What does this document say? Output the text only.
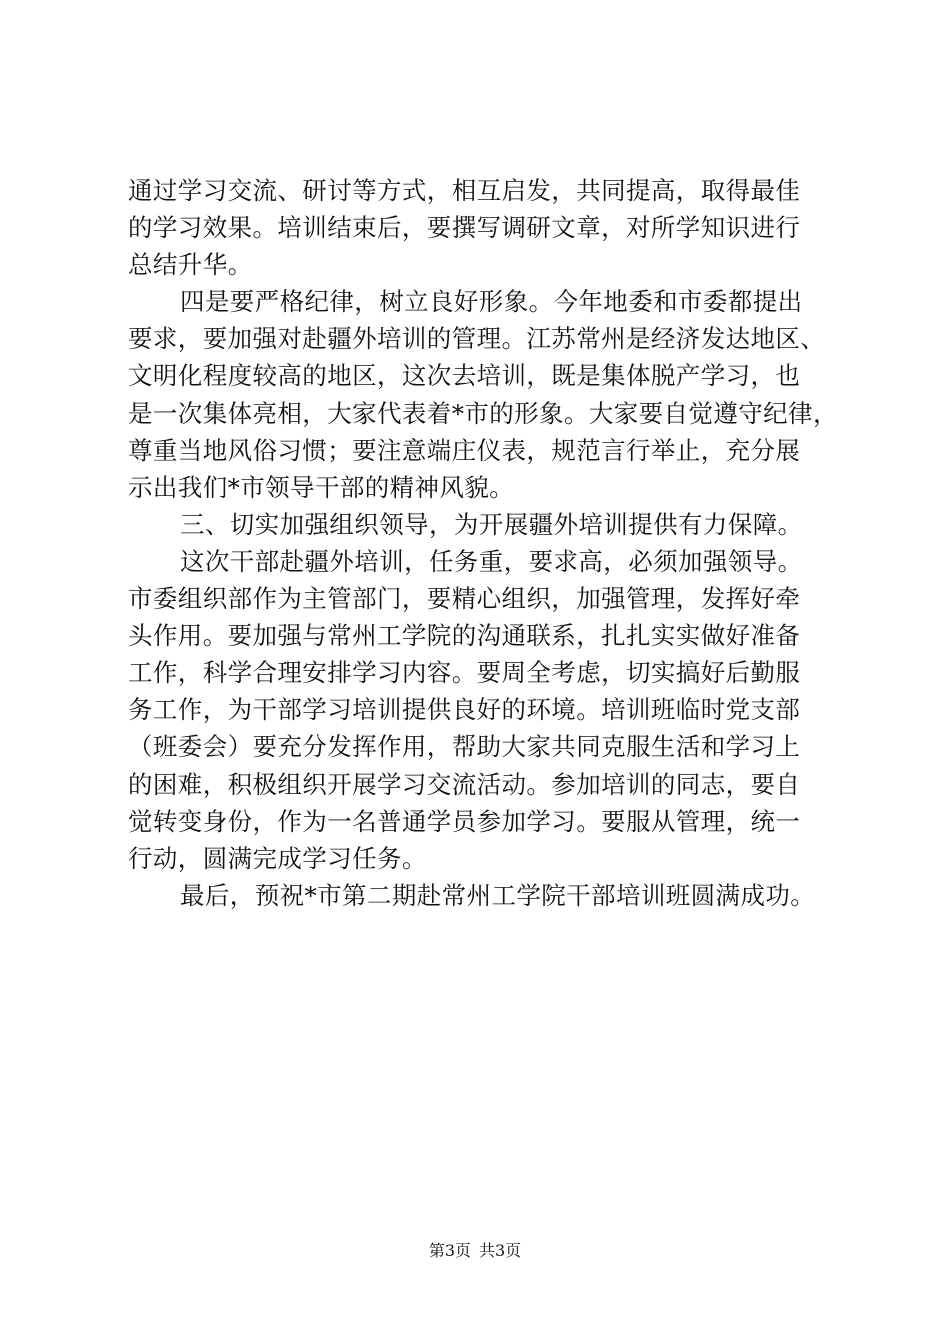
通过学习交流、研讨等方式，相互启发，共同提高，取得最佳
的学习效果。培训结束后，要撰写调研文章，对所学知识进行
总结升华。
四是要严格纪律，树立良好形象。今年地委和市委都提出
要求，要加强对赴疆外培训的管理。江苏常州是经济发达地区、
文明化程度较高的地区，这次去培训，既是集体脱产学习，也
是一次集体亮相，大家代表着*市的形象。大家要自觉遵守纪律，
尊重当地风俗习惯；要注意端庄仪表，规范言行举止，充分展
示出我们*市领导干部的精神风貌。
三、切实加强组织领导，为开展疆外培训提供有力保障。
这次干部赴疆外培训，任务重，要求高，必须加强领导。
市委组织部作为主管部门，要精心组织，加强管理，发挥好牵
头作用。要加强与常州工学院的沟通联系，扎扎实实做好准备
工作，科学合理安排学习内容。要周全考虑，切实搞好后勤服
务工作，为干部学习培训提供良好的环境。培训班临时党支部
（班委会）要充分发挥作用，帮助大家共同克服生活和学习上
的困难，积极组织开展学习交流活动。参加培训的同志，要自
觉转变身份，作为一名普通学员参加学习。要服从管理，统一
行动，圆满完成学习任务。
最后，预祝*市第二期赴常州工学院干部培训班圆满成功。
第3页 共3页
